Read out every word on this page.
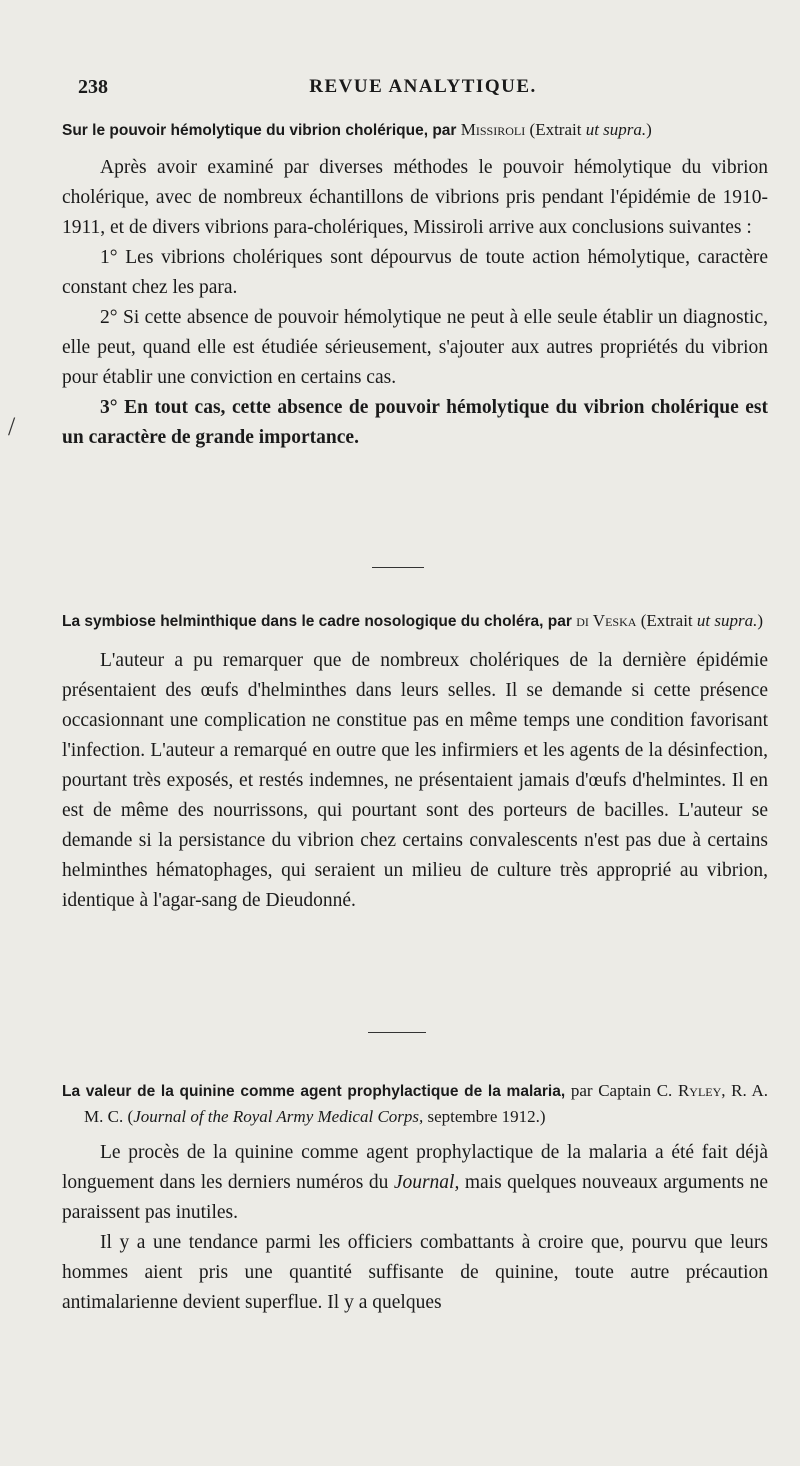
238	REVUE ANALYTIQUE.

Sur le pouvoir hémolytique du vibrion cholérique, par Missiroli (Extrait ut supra.)

Après avoir examiné par diverses méthodes le pouvoir hémolytique du vibrion cholérique, avec de nombreux échantillons de vibrions pris pendant l'épidémie de 1910-1911, et de divers vibrions para-cholériques, Missiroli arrive aux conclusions suivantes :

1° Les vibrions cholériques sont dépourvus de toute action hémolytique, caractère constant chez les para.

2° Si cette absence de pouvoir hémolytique ne peut à elle seule établir un diagnostic, elle peut, quand elle est étudiée sérieusement, s'ajouter aux autres propriétés du vibrion pour établir une conviction en certains cas.

3° En tout cas, cette absence de pouvoir hémolytique du vibrion cholérique est un caractère de grande importance.

La symbiose helminthique dans le cadre nosologique du choléra, par di Veska (Extrait ut supra.)

L'auteur a pu remarquer que de nombreux cholériques de la dernière épidémie présentaient des œufs d'helminthes dans leurs selles. Il se demande si cette présence occasionnant une complication ne constitue pas en même temps une condition favorisant l'infection. L'auteur a remarqué en outre que les infirmiers et les agents de la désinfection, pourtant très exposés, et restés indemnes, ne présentaient jamais d'œufs d'helmintes. Il en est de même des nourrissons, qui pourtant sont des porteurs de bacilles. L'auteur se demande si la persistance du vibrion chez certains convalescents n'est pas due à certains helminthes hématophages, qui seraient un milieu de culture très approprié au vibrion, identique à l'agar-sang de Dieudonné.

La valeur de la quinine comme agent prophylactique de la malaria, par Captain C. Ryley, R. A. M. C. (Journal of the Royal Army Medical Corps, septembre 1912.)

Le procès de la quinine comme agent prophylactique de la malaria a été fait déjà longuement dans les derniers numéros du Journal, mais quelques nouveaux arguments ne paraissent pas inutiles.

Il y a une tendance parmi les officiers combattants à croire que, pourvu que leurs hommes aient pris une quantité suffisante de quinine, toute autre précaution antimalarienne devient superflue. Il y a quelques

/
